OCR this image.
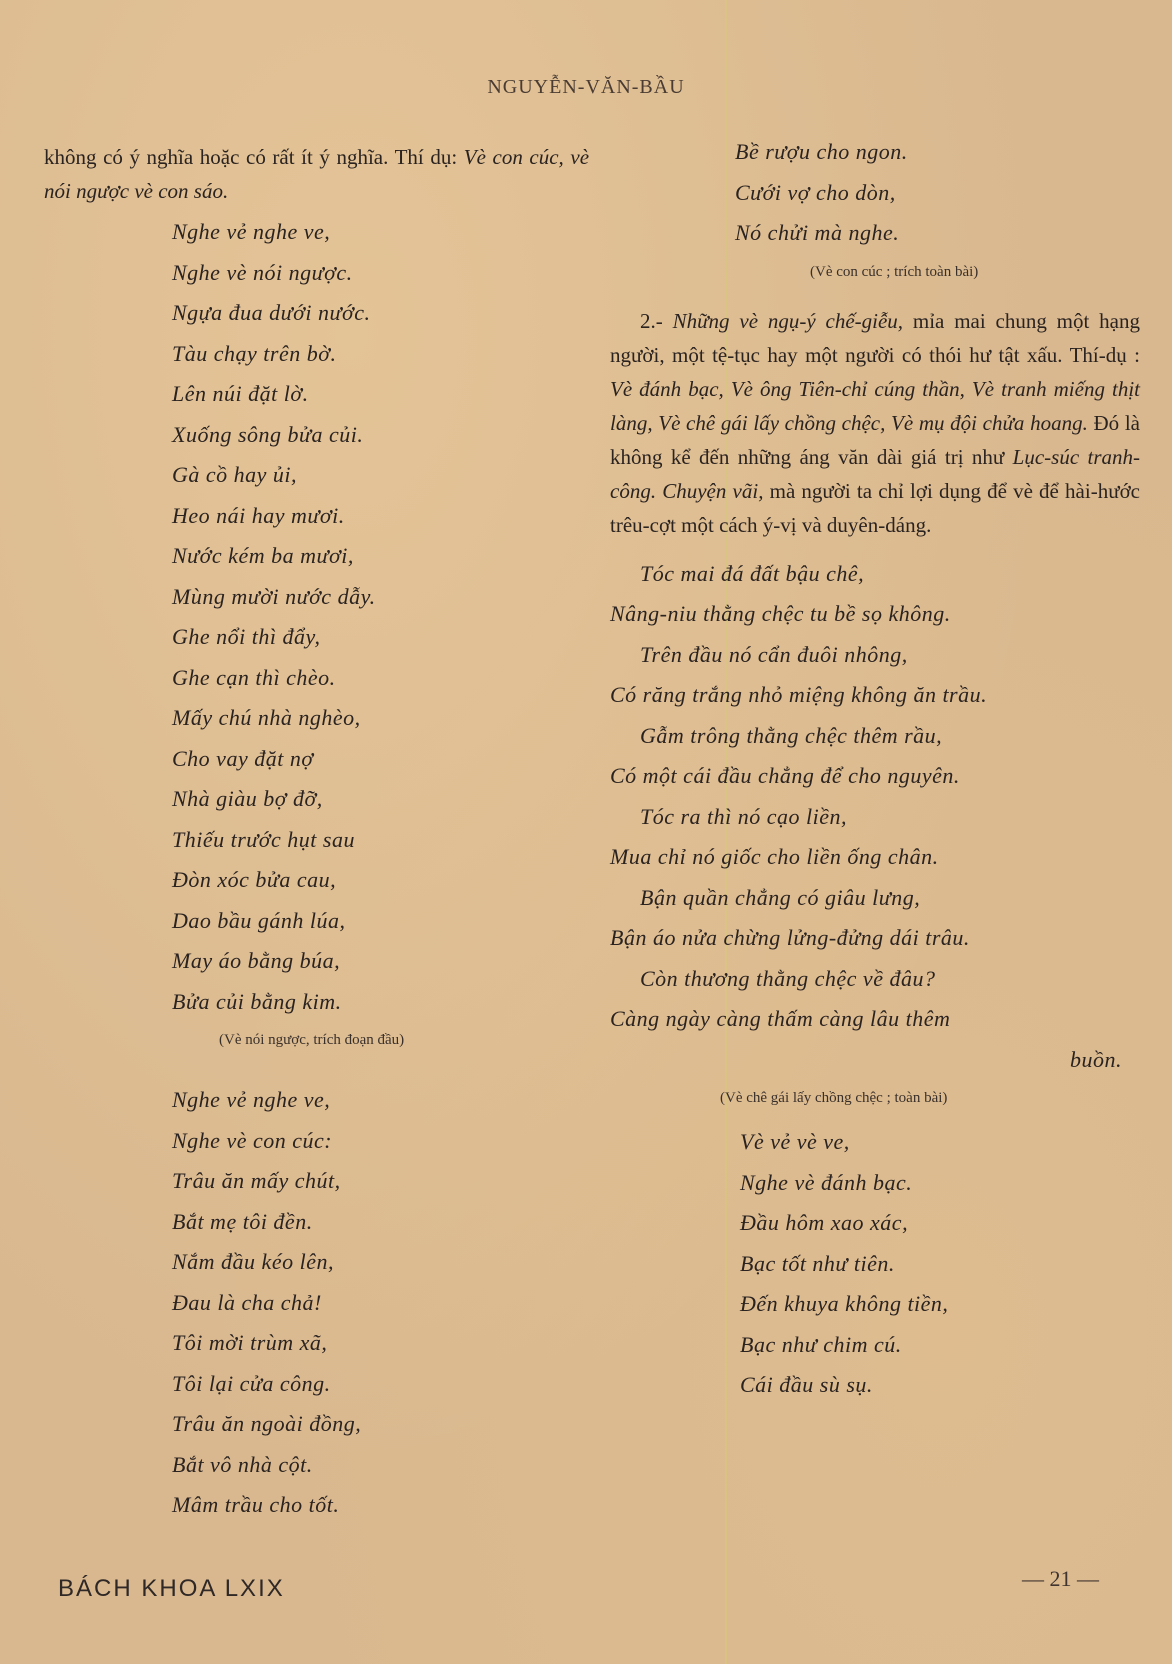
NGUYỄN-VĂN-BẦU

không có ý nghĩa hoặc có rất ít ý nghĩa. Thí dụ: Vè con cúc, vè nói ngược vè con sáo.

Nghe vẻ nghe ve,
Nghe vè nói ngược.
Ngựa đua dưới nước.
Tàu chạy trên bờ.
Lên núi đặt lờ.
Xuống sông bửa củi.
Gà cồ hay ủi,
Heo nái hay mươi.
Nước kém ba mươi,
Mùng mười nước dẫy.
Ghe nổi thì đẩy,
Ghe cạn thì chèo.
Mấy chú nhà nghèo,
Cho vay đặt nợ
Nhà giàu bợ đỡ,
Thiếu trước hụt sau
Đòn xóc bửa cau,
Dao bầu gánh lúa,
May áo bằng búa,
Bửa củi bằng kim.

(Vè nói ngược, trích đoạn đầu)

Nghe vẻ nghe ve,
Nghe vè con cúc:
Trâu ăn mấy chút,
Bắt mẹ tôi đền.
Nắm đầu kéo lên,
Đau là cha chả!
Tôi mời trùm xã,
Tôi lại cửa công.
Trâu ăn ngoài đồng,
Bắt vô nhà cột.
Mâm trầu cho tốt.
Bề rượu cho ngon.
Cưới vợ cho dòn,
Nó chửi mà nghe.

(Vè con cúc ; trích toàn bài)

2.- Những vè ngụ-ý chế-giễu, mỉa mai chung một hạng người, một tệ-tục hay một người có thói hư tật xấu. Thí-dụ : Vè đánh bạc, Vè ông Tiên-chỉ cúng thần, Vè tranh miếng thịt làng, Vè chê gái lấy chồng chệc, Vè mụ đội chửa hoang. Đó là không kể đến những áng văn dài giá trị như Lục-súc tranh-công. Chuyện vãi, mà người ta chỉ lợi dụng để vè để hài-hước trêu-cợt một cách ý-vị và duyên-dáng.

Tóc mai đá đất bậu chê,
Nâng-niu thằng chệc tu bề sọ không.
Trên đầu nó cẩn đuôi nhông,
Có răng trắng nhỏ miệng không ăn trầu.
Gẫm trông thằng chệc thêm rầu,
Có một cái đầu chẳng để cho nguyên.
Tóc ra thì nó cạo liền,
Mua chỉ nó giốc cho liền ống chân.
Bận quần chẳng có giâu lưng,
Bận áo nửa chừng lửng-đửng dái trâu.
Còn thương thằng chệc về đâu?
Càng ngày càng thấm càng lâu thêm
buồn.

(Vè chê gái lấy chồng chệc ; toàn bài)

Vè vẻ vè ve,
Nghe vè đánh bạc.
Đầu hôm xao xác,
Bạc tốt như tiên.
Đến khuya không tiền,
Bạc như chim cú.
Cái đầu sù sụ.
BÁCH KHOA LXIX	— 21 —
